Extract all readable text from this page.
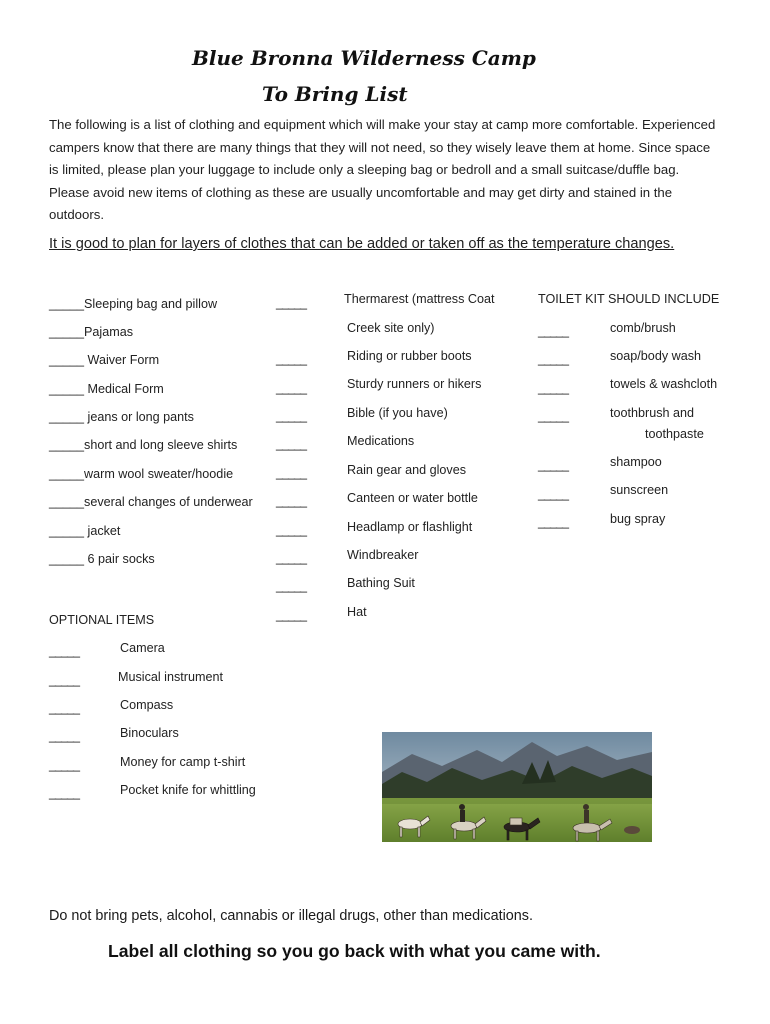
Blue Bronna Wilderness Camp
To Bring List
The following is a list of clothing and equipment which will make your stay at camp more comfortable. Experienced campers know that there are many things that they will not need, so they wisely leave them at home. Since space is limited, please plan your luggage to include only a sleeping bag or bedroll and a small suitcase/duffle bag. Please avoid new items of clothing as these are usually uncomfortable and may get dirty and stained in the outdoors.
It is good to plan for layers of clothes that can be added or taken off as the temperature changes.
_____Sleeping bag and pillow
_____Pajamas
_____ Waiver Form
_____ Medical Form
_____ jeans or long pants
_____short and long sleeve shirts
_____warm wool sweater/hoodie
_____several changes of underwear
_____ jacket
_____ 6 pair socks
_____
_____
_____
_____
_____
_____
_____
_____
_____
_____
_____
Thermarest (mattress Coat
Creek site only)
Riding or rubber boots
Sturdy runners or hikers
Bible (if you have)
Medications
Rain gear and gloves
Canteen or water bottle
Headlamp or flashlight
Windbreaker
Bathing Suit
Hat
TOILET KIT SHOULD INCLUDE
_____
_____
_____
_____
_____
_____
_____
comb/brush
soap/body wash
towels & washcloth
toothbrush and
toothpaste
shampoo
sunscreen
bug spray
OPTIONAL ITEMS
_____
_____
_____
_____
_____
_____
Camera
Musical instrument
Compass
Binoculars
Money for camp t-shirt
Pocket knife for whittling
Do not bring pets, alcohol, cannabis or illegal drugs, other than medications.
Label all clothing so you go back with what you came with.
